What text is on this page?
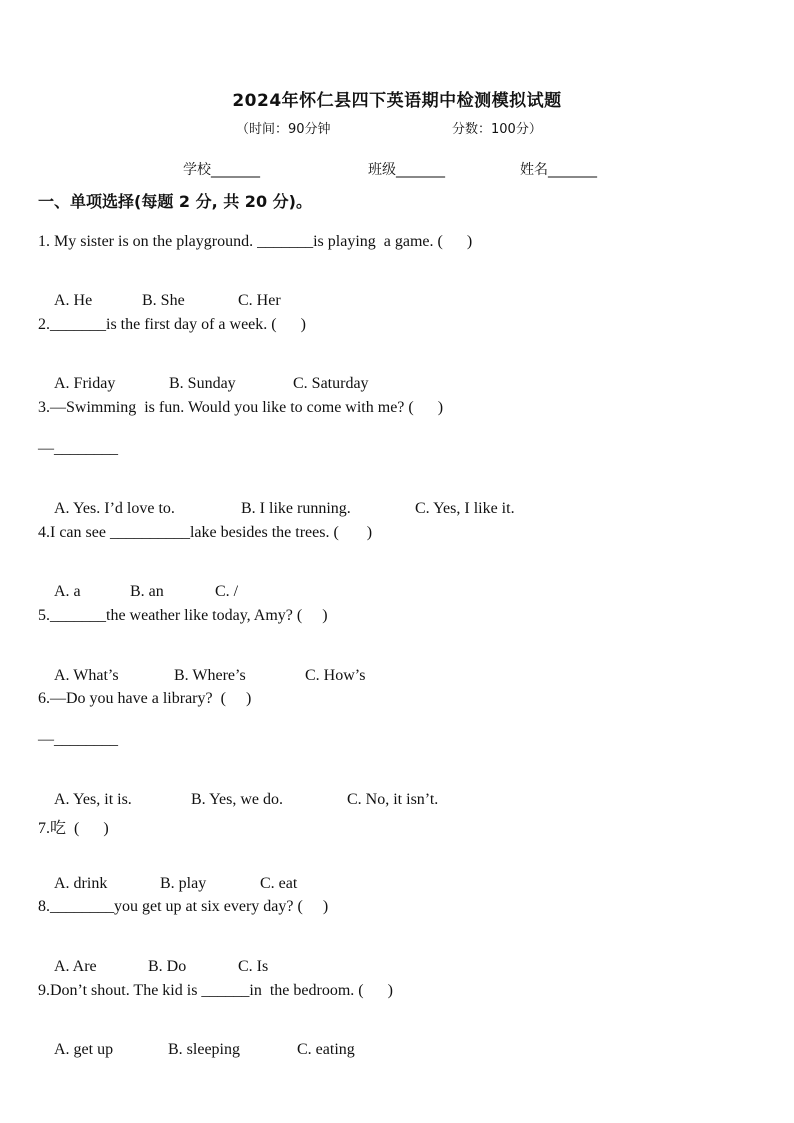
2024年怀仁县四下英语期中检测模拟试题
（时间：90分钟	分数：100分）
学校_______	班级_______	姓名_______
一、单项选择(每题 2 分, 共 20 分)。
1. My sister is on the playground. _______is playing  a game. (      )

A. He	B. She	C. Her

2._______is the first day of a week. (      )

A. Friday	B. Sunday	C. Saturday

3.—Swimming  is fun. Would you like to come with me? (      )
—________

A. Yes. I’d love to.	B. I like running.	C. Yes, I like it.

4.I can see __________lake besides the trees. (       )

A. a	B. an	C. /

5._______the weather like today, Amy? (     )

A. What’s	B. Where’s	C. How’s

6.—Do you have a library?  (     )
—________

A. Yes, it is.	B. Yes, we do.	C. No, it isn’t.

7.吃  (      )

A. drink	B. play	C. eat

8.________you get up at six every day? (     )

A. Are	B. Do	C. Is

9.Don’t shout. The kid is ______in  the bedroom. (      )

A. get up	B. sleeping	C. eating
